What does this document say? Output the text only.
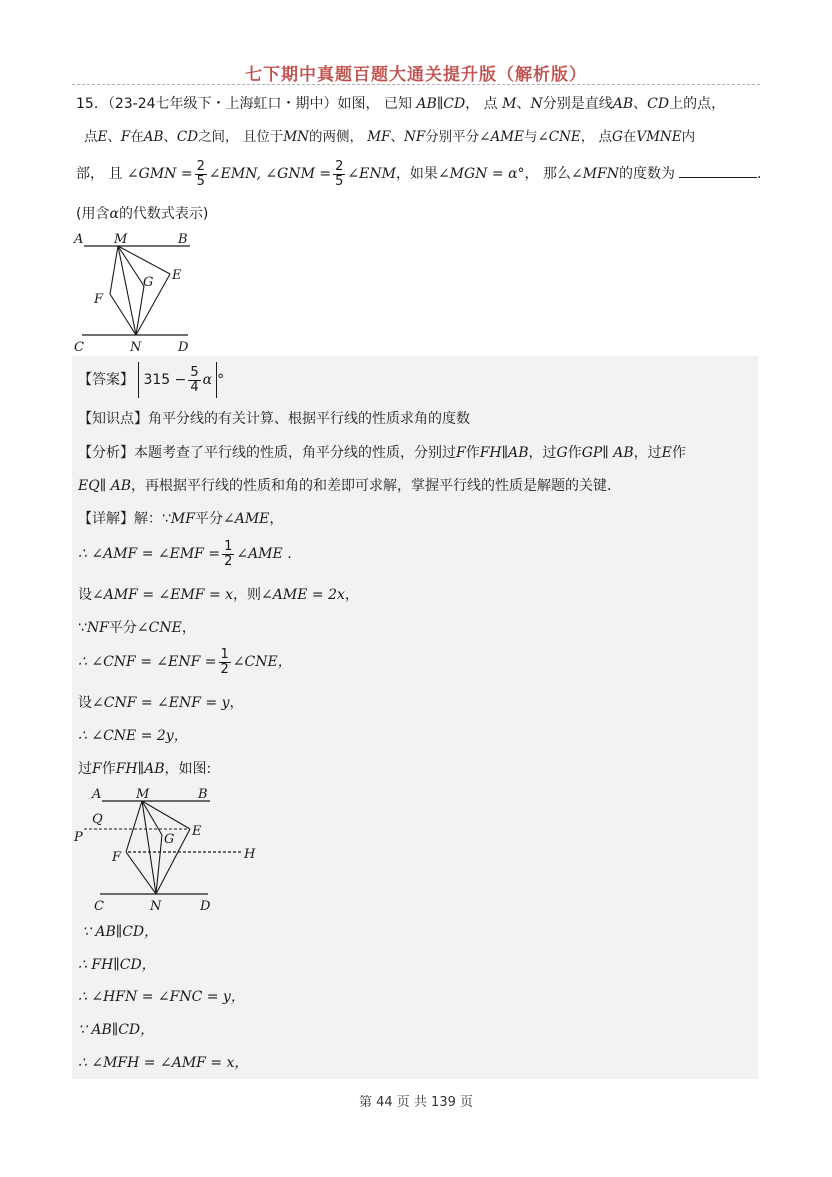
七下期中真题百题大通关提升版（解析版）
15．（23-24七年级下・上海虹口・期中）如图， 已知 AB∥CD， 点 M、N分别是直线AB、CD上的点，
点E、F在AB、CD之间， 且位于MN的两侧， MF、NF分别平分∠AME与∠CNE， 点G在VMNE内
部， 且 ∠GMN = $\frac{2}{5}$ ∠EMN, ∠GNM = $\frac{2}{5}$ ∠ENM，如果∠MGN = α°， 那么∠MFN的度数为	.
(用含α的代数式表示)
A M	B
G E
F
C	N	D
【答案】 $315 - \frac{5}{4}$ α °
【知识点】角平分线的有关计算、根据平行线的性质求角的度数
【分析】本题考查了平行线的性质，角平分线的性质，分别过F作FH∥AB，过G作GP∥ AB，过E作
EQ∥ AB，再根据平行线的性质和角的和差即可求解，掌握平行线的性质是解题的关键．
【详解】解：∵MF平分∠AME，
∴ ∠AMF = ∠EMF = $\frac{1}{2}$ ∠AME .
设∠AMF = ∠EMF = x，则∠AME = 2x，
∵NF平分∠CNE，
∴ ∠CNF = ∠ENF = $\frac{1}{2}$ ∠CNE，
设∠CNF = ∠ENF = y，
∴ ∠CNE = 2y，
过F作FH∥AB，如图:
A	M	B
Q
E
P	G
F	H
C	N	D
∵ AB∥CD，
∴ FH∥CD，
∴ ∠HFN = ∠FNC = y，
∵ AB∥CD，
∴ ∠MFH = ∠AMF = x，
第 44 页 共 139 页
